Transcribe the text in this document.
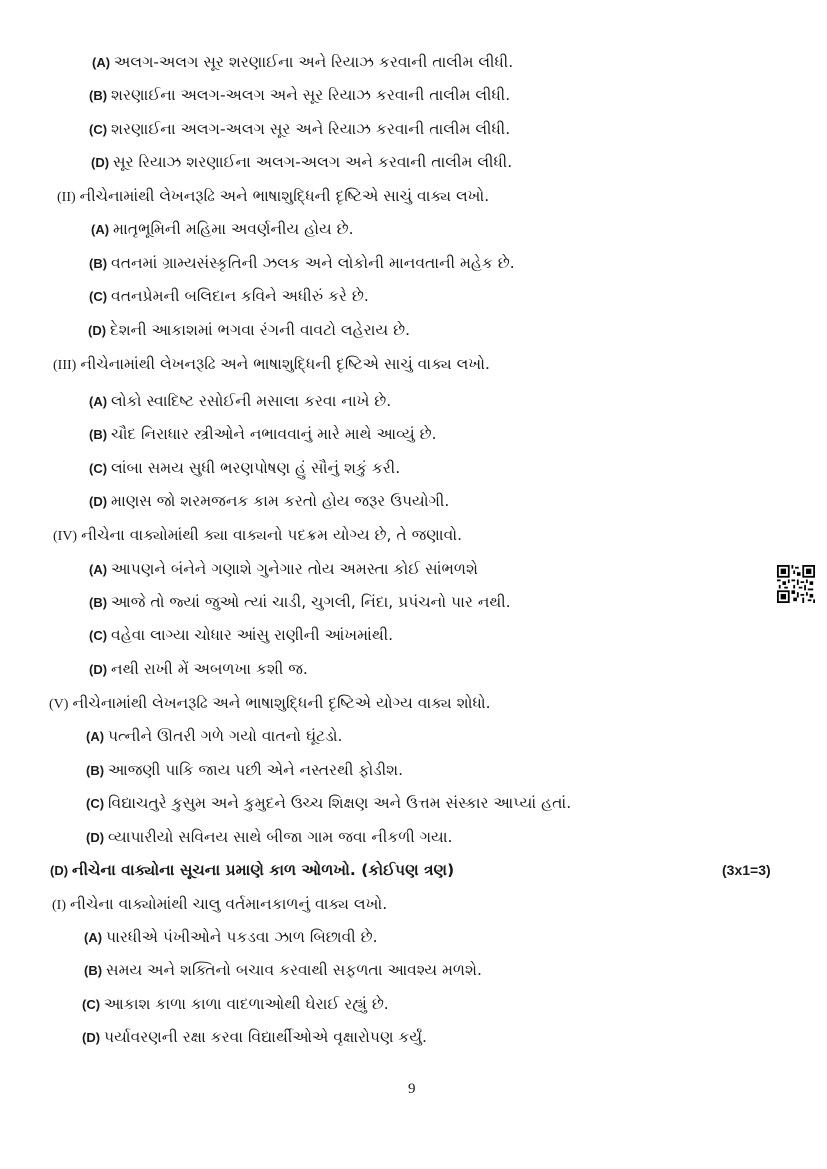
(A) અલગ-અલગ સૂર શરણાઈના અને રિયાઝ કરવાની તાલીમ લીધી.
(B) શરણાઈના અલગ-અલગ અને સૂર રિયાઝ કરવાની તાલીમ લીધી.
(C) શરણાઈના અલગ-અલગ સૂર અને રિયાઝ કરવાની તાલીમ લીધી.
(D) સૂર રિયાઝ શરણાઈના અલગ-અલગ અને કરવાની તાલીમ લીધી.
(II) નીચેનામાંથી લેખનરૂઢિ અને ભાષાશુદ્ધિની દૃષ્ટિએ સાચું વાક્ય લખો.
(A) માતૃભૂમિની મહિમા અવર્ણનીય હોય છે.
(B) વતનમાં ગ્રામ્યસંસ્કૃતિની ઝલક અને લોકોની માનવતાની મહેક છે.
(C) વતનપ્રેમની બલિદાન કવિને અધીરું કરે છે.
(D) દેશની આકાશમાં ભગવા રંગની વાવટો લહેરાય છે.
(III) નીચેનામાંથી લેખનરૂઢિ અને ભાષાશુદ્ધિની દૃષ્ટિએ સાચું વાક્ય લખો.
(A) લોકો સ્વાદિષ્ટ રસોઈની મસાલા કરવા નાખે છે.
(B) ચૌદ નિરાધાર સ્ત્રીઓને નભાવવાનું મારે માથે આવ્યું છે.
(C) લાંબા સમય સુધી ભરણપોષણ હું સૌનું શકું કરી.
(D) માણસ જો શરમજનક કામ કરતો હોય જરૂર ઉપયોગી.
(IV) નીચેના વાક્યોમાંથી ક્યા વાક્યનો પદક્રમ યોગ્ય છે, તે જણાવો.
(A) આપણને બંનેને ગણાશે ગુનેગાર તોય અમસ્તા કોઈ સાંભળશે
(B) આજે તો જ્યાં જુઓ ત્યાં ચાડી, ચુગલી, નિંદા, પ્રપંચનો પાર નથી.
(C) વહેવા લાગ્યા ચોધાર આંસુ રાણીની આંખમાંથી.
(D) નથી રાખી મેં અબળખા કશી જ.
(V) નીચેનામાંથી લેખનરૂઢિ અને ભાષાશુદ્ધિની દૃષ્ટિએ યોગ્ય વાક્ય શોધો.
(A) પત્નીને ઊતરી ગળે ગયો વાતનો ઘૂંટડો.
(B) આજણી પાકિ જાય પછી એને નસ્તરથી ફોડીશ.
(C) વિદ્યાચતુરે કુસુમ અને કુમુદને ઉચ્ચ શિક્ષણ અને ઉત્તમ સંસ્કાર આપ્યાં હતાં.
(D) વ્યાપારીયો સવિનય સાથે બીજા ગામ જવા નીકળી ગયા.
(D) નીચેના વાક્યોના સૂચના પ્રમાણે કાળ ઓળખો. (કોઈપણ ત્રણ)	(3x1=3)
(I) નીચેના વાક્યોમાંથી ચાલુ વર્તમાનકાળનું વાક્ય લખો.
(A) પારધીએ પંખીઓને પકડવા ઝાળ બિછાવી છે.
(B) સમય અને શક્તિનો બચાવ કરવાથી સફળતા આવશ્ય મળશે.
(C) આકાશ કાળા કાળા વાદળાઓથી ઘેરાઈ રહ્યું છે.
(D) પર્યાવરણની રક્ષા કરવા વિદ્યાર્થીઓએ વૃક્ષારોપણ કર્યું.
9
